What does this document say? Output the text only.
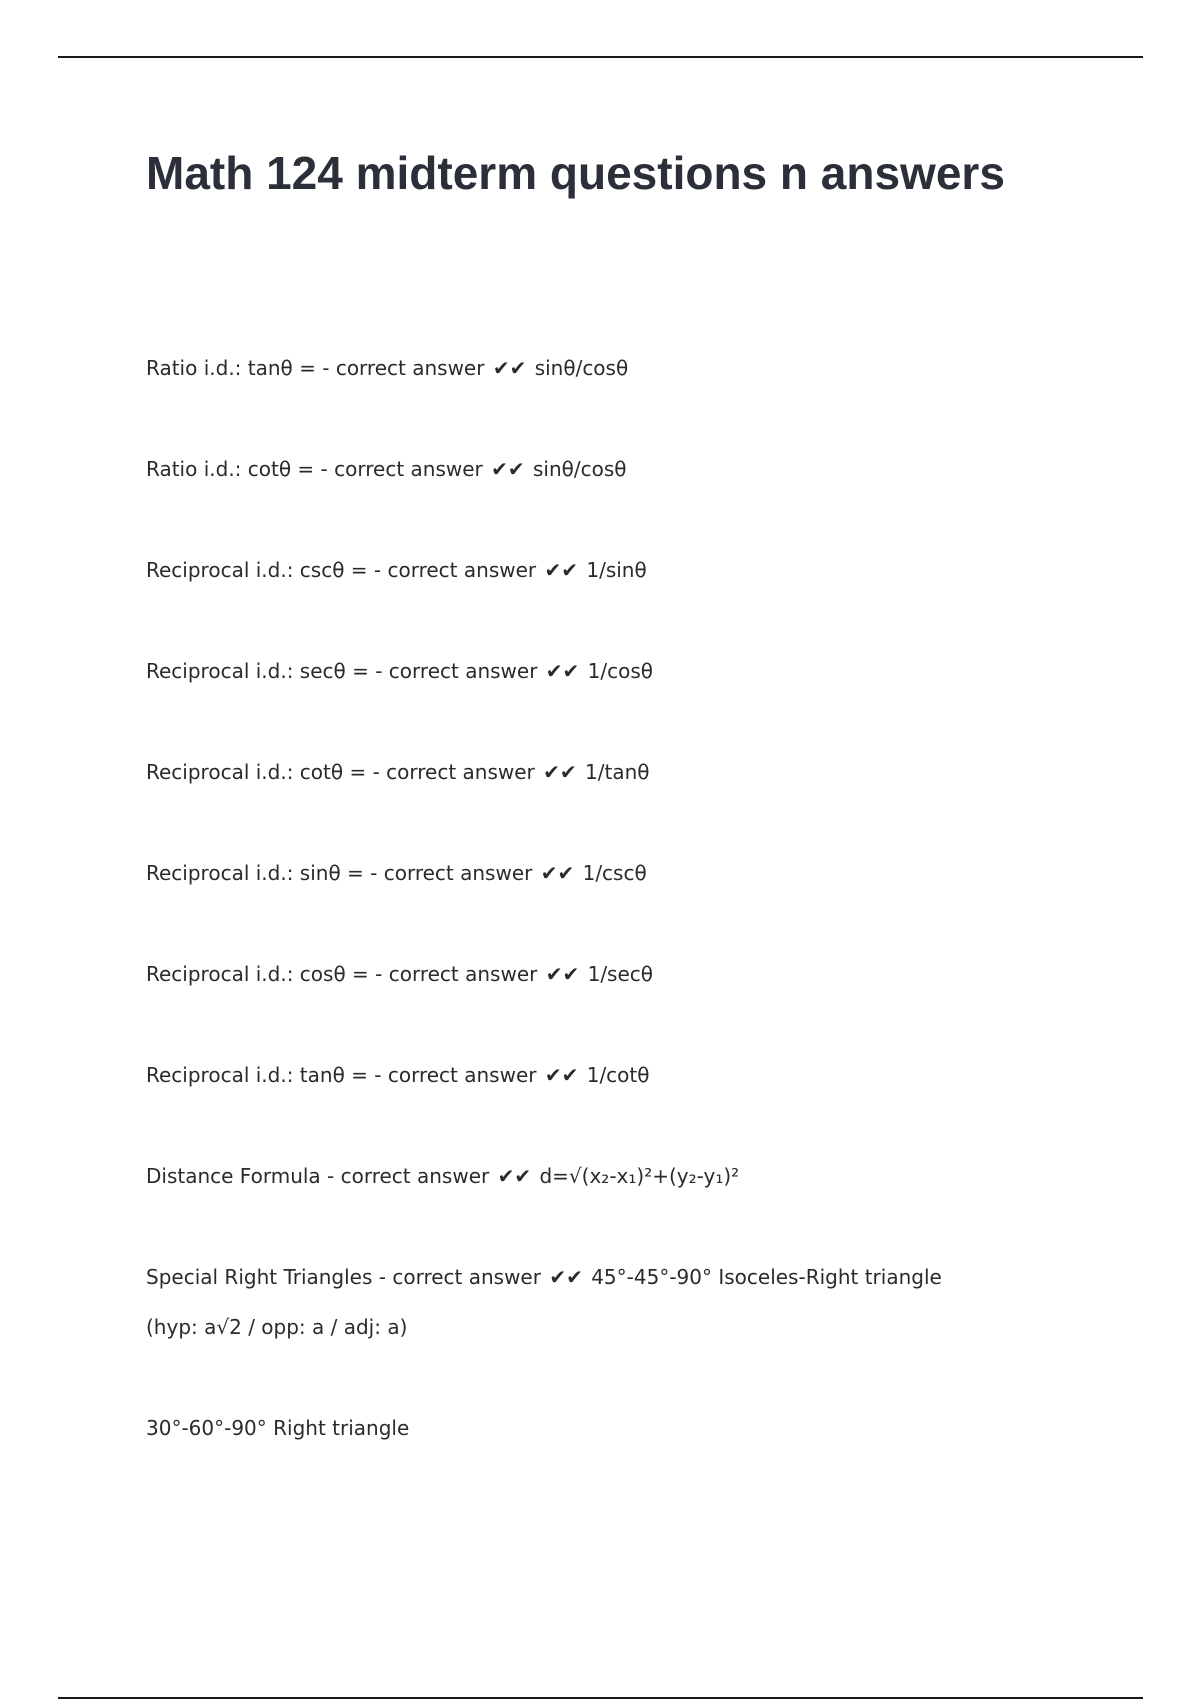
Math 124 midterm questions n answers
Ratio i.d.: tanθ = - correct answer ✔✔ sinθ/cosθ
Ratio i.d.: cotθ = - correct answer ✔✔ sinθ/cosθ
Reciprocal i.d.: cscθ = - correct answer ✔✔ 1/sinθ
Reciprocal i.d.: secθ = - correct answer ✔✔ 1/cosθ
Reciprocal i.d.: cotθ = - correct answer ✔✔ 1/tanθ
Reciprocal i.d.: sinθ = - correct answer ✔✔ 1/cscθ
Reciprocal i.d.: cosθ = - correct answer ✔✔ 1/secθ
Reciprocal i.d.: tanθ = - correct answer ✔✔ 1/cotθ
Distance Formula - correct answer ✔✔ d=√(x₂-x₁)²+(y₂-y₁)²
Special Right Triangles - correct answer ✔✔ 45°-45°-90° Isoceles-Right triangle
(hyp: a√2 / opp: a / adj: a)
30°-60°-90° Right triangle
